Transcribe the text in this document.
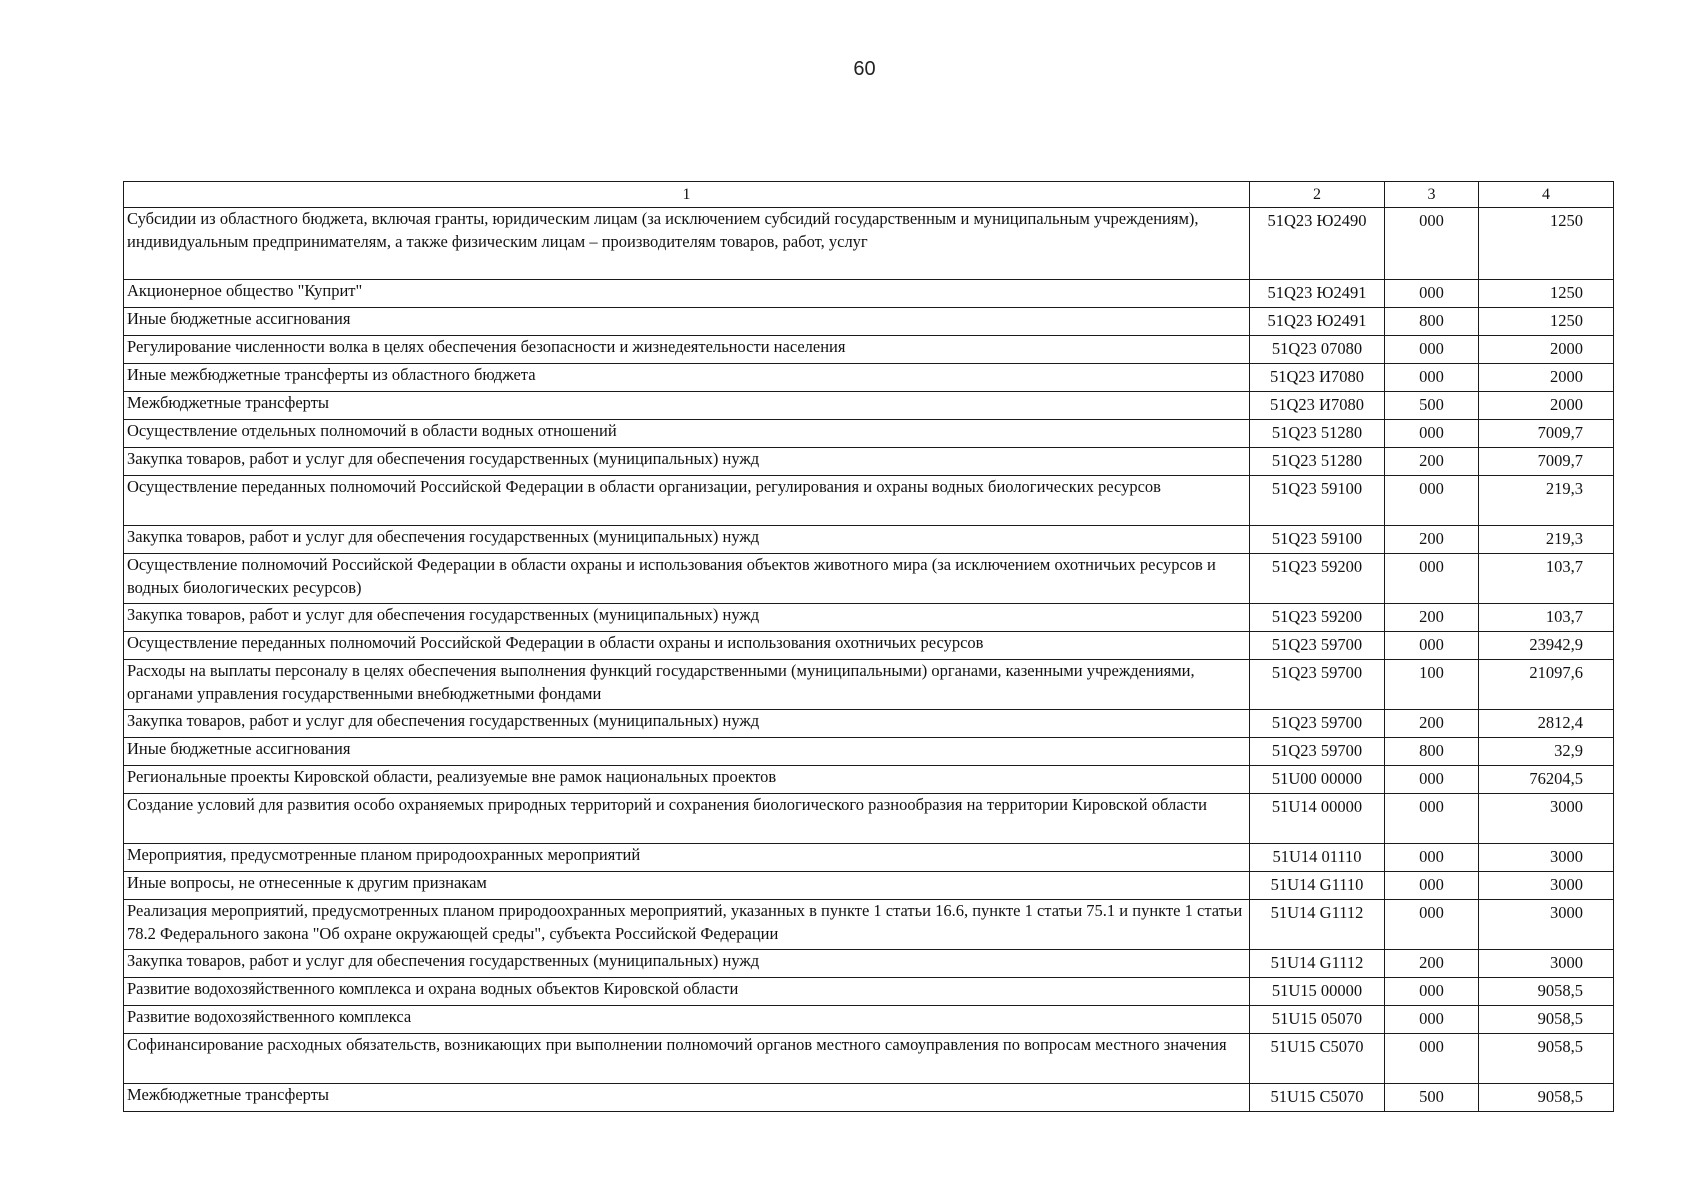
60
1	2	3	4
Субсидии из областного бюджета, включая гранты, юридическим лицам (за исключением субсидий государственным и муниципальным учреждениям), индивидуальным предпринимателям, а также физическим лицам – производителям товаров, работ, услуг	51Q23 Ю2490	000	1250
Акционерное общество "Куприт"	51Q23 Ю2491	000	1250
Иные бюджетные ассигнования	51Q23 Ю2491	800	1250
Регулирование численности волка в целях обеспечения безопасности и жизнедеятельности населения	51Q23 07080	000	2000
Иные межбюджетные трансферты из областного бюджета	51Q23 И7080	000	2000
Межбюджетные трансферты	51Q23 И7080	500	2000
Осуществление отдельных полномочий в области водных отношений	51Q23 51280	000	7009,7
Закупка товаров, работ и услуг для обеспечения государственных (муниципальных) нужд	51Q23 51280	200	7009,7
Осуществление переданных полномочий Российской Федерации в области организации, регулирования и охраны водных биологических ресурсов	51Q23 59100	000	219,3
Закупка товаров, работ и услуг для обеспечения государственных (муниципальных) нужд	51Q23 59100	200	219,3
Осуществление полномочий Российской Федерации в области охраны и использования объектов животного мира (за исключением охотничьих ресурсов и водных биологических ресурсов)	51Q23 59200	000	103,7
Закупка товаров, работ и услуг для обеспечения государственных (муниципальных) нужд	51Q23 59200	200	103,7
Осуществление переданных полномочий Российской Федерации в области охраны и использования охотничьих ресурсов	51Q23 59700	000	23942,9
Расходы на выплаты персоналу в целях обеспечения выполнения функций государственными (муниципальными) органами, казенными учреждениями, органами управления государственными внебюджетными фондами	51Q23 59700	100	21097,6
Закупка товаров, работ и услуг для обеспечения государственных (муниципальных) нужд	51Q23 59700	200	2812,4
Иные бюджетные ассигнования	51Q23 59700	800	32,9
Региональные проекты Кировской области, реализуемые вне рамок национальных проектов	51U00 00000	000	76204,5
Создание условий для развития особо охраняемых природных территорий и сохранения биологического разнообразия на территории Кировской области	51U14 00000	000	3000
Мероприятия, предусмотренные планом природоохранных мероприятий	51U14 01110	000	3000
Иные вопросы, не отнесенные к другим признакам	51U14 G1110	000	3000
Реализация мероприятий, предусмотренных планом природоохранных мероприятий, указанных в пункте 1 статьи 16.6, пункте 1 статьи 75.1 и пункте 1 статьи 78.2 Федерального закона "Об охране окружающей среды", субъекта Российской Федерации	51U14 G1112	000	3000
Закупка товаров, работ и услуг для обеспечения государственных (муниципальных) нужд	51U14 G1112	200	3000
Развитие водохозяйственного комплекса и охрана водных объектов Кировской области	51U15 00000	000	9058,5
Развитие водохозяйственного комплекса	51U15 05070	000	9058,5
Софинансирование расходных обязательств, возникающих при выполнении полномочий органов местного самоуправления по вопросам местного значения	51U15 C5070	000	9058,5
Межбюджетные трансферты	51U15 C5070	500	9058,5
